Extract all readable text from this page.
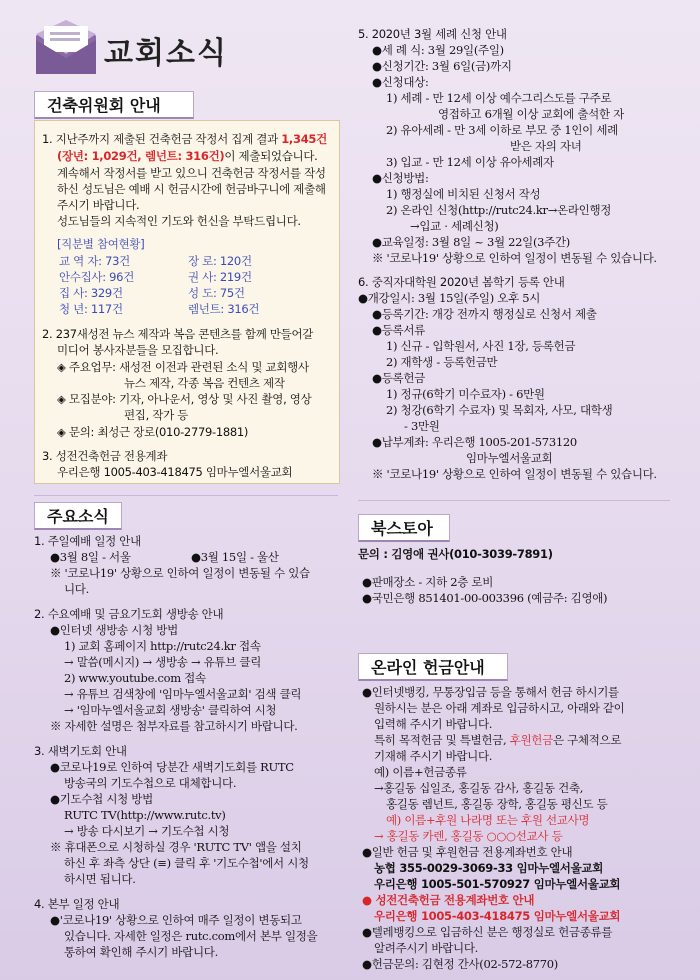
교회소식
건축위원회 안내
1. 지난주까지 제출된 건축헌금 작정서 집계 결과 1,345건
(장년: 1,029건, 렘넌트: 316건)이 제출되었습니다.
계속해서 작정서를 받고 있으니 건축헌금 작정서를 작성
하신 성도님은 예배 시 헌금시간에 헌금바구니에 제출해
주시기 바랍니다.
성도님들의 지속적인 기도와 헌신을 부탁드립니다.
[직분별 참여현황]
교 역 자: 73건	장 로: 120건
안수집사: 96건	권 사: 219건
집 사: 329건	성 도: 75건
청 년: 117건	렘넌트: 316건
2. 237새성전 뉴스 제작과 복음 콘텐츠를 함께 만들어갈
미디어 봉사자분들을 모집합니다.
◈ 주요업무: 새성전 이전과 관련된 소식 및 교회행사
뉴스 제작, 각종 복음 컨텐츠 제작
◈ 모집분야: 기자, 아나운서, 영상 및 사진 촬영, 영상
편집, 작가 등
◈ 문의: 최성근 장로(010-2779-1881)
3. 성전건축헌금 전용계좌
우리은행 1005-403-418475 임마누엘서울교회
주요소식
1. 주일예배 일정 안내
●3월 8일 - 서울	●3월 15일 - 울산
※ '코로나19' 상황으로 인하여 일정이 변동될 수 있습
니다.
2. 수요예배 및 금요기도회 생방송 안내
●인터넷 생방송 시청 방법
1) 교회 홈페이지 http://rutc24.kr 접속
→ 말씀(메시지) → 생방송 → 유튜브 클릭
2) www.youtube.com 접속
→ 유튜브 검색창에 '임마누엘서울교회' 검색 클릭
→ '임마누엘서울교회 생방송' 클릭하여 시청
※ 자세한 설명은 첨부자료를 참고하시기 바랍니다.
3. 새벽기도회 안내
●코로나19로 인하여 당분간 새벽기도회를 RUTC
방송국의 기도수첩으로 대체합니다.
●기도수첩 시청 방법
RUTC TV(http://www.rutc.tv)
→ 방송 다시보기 → 기도수첩 시청
※ 휴대폰으로 시청하실 경우 'RUTC TV' 앱을 설치
하신 후 좌측 상단 (≡) 클릭 후 '기도수첩'에서 시청
하시면 됩니다.
4. 본부 일정 안내
●'코로나19' 상황으로 인하여 매주 일정이 변동되고
있습니다. 자세한 일정은 rutc.com에서 본부 일정을
통하여 확인해 주시기 바랍니다.
5. 2020년 3월 세례 신청 안내
●세 례 식: 3월 29일(주일)
●신청기간: 3월 6일(금)까지
●신청대상:
1) 세례 - 만 12세 이상 예수그리스도를 구주로
영접하고 6개월 이상 교회에 출석한 자
2) 유아세례 - 만 3세 이하로 부모 중 1인이 세례
받은 자의 자녀
3) 입교 - 만 12세 이상 유아세례자
●신청방법:
1) 행정실에 비치된 신청서 작성
2) 온라인 신청(http://rutc24.kr→온라인행정
→입교 · 세례신청)
●교육일정: 3월 8일 ~ 3월 22일(3주간)
※ '코로나19' 상황으로 인하여 일정이 변동될 수 있습니다.
6. 중직자대학원 2020년 봄학기 등록 안내
●개강일시: 3월 15일(주일) 오후 5시
●등록기간: 개강 전까지 행정실로 신청서 제출
●등록서류
1) 신규 - 입학원서, 사진 1장, 등록헌금
2) 재학생 - 등록헌금만
●등록헌금
1) 정규(6학기 미수료자) - 6만원
2) 청강(6학기 수료자) 및 목회자, 사모, 대학생
- 3만원
●납부계좌: 우리은행 1005-201-573120
임마누엘서울교회
※ '코로나19' 상황으로 인하여 일정이 변동될 수 있습니다.
북스토아
문의 : 김영애 권사(010-3039-7891)
●판매장소 - 지하 2층 로비
●국민은행 851401-00-003396 (예금주: 김영애)
온라인 헌금안내
●인터넷뱅킹, 무통장입금 등을 통해서 헌금 하시기를
원하시는 분은 아래 계좌로 입금하시고, 아래와 같이
입력해 주시기 바랍니다.
특히 목적헌금 및 특별헌금, 후원헌금은 구체적으로
기재해 주시기 바랍니다.
예) 이름+헌금종류
→홍길동 십일조, 홍길동 감사, 홍길동 건축,
홍길동 렘넌트, 홍길동 장학, 홍길동 평신도 등
예) 이름+후원 나라명 또는 후원 선교사명
→ 홍길동 카렌, 홍길동 ○○○선교사 등
●일반 헌금 및 후원헌금 전용계좌번호 안내
농협 355-0029-3069-33 임마누엘서울교회
우리은행 1005-501-570927 임마누엘서울교회
● 성전건축헌금 전용계좌번호 안내
우리은행 1005-403-418475 임마누엘서울교회
●텔레뱅킹으로 입금하신 분은 행정실로 헌금종류를
알려주시기 바랍니다.
●헌금문의: 김현정 간사(02-572-8770)
